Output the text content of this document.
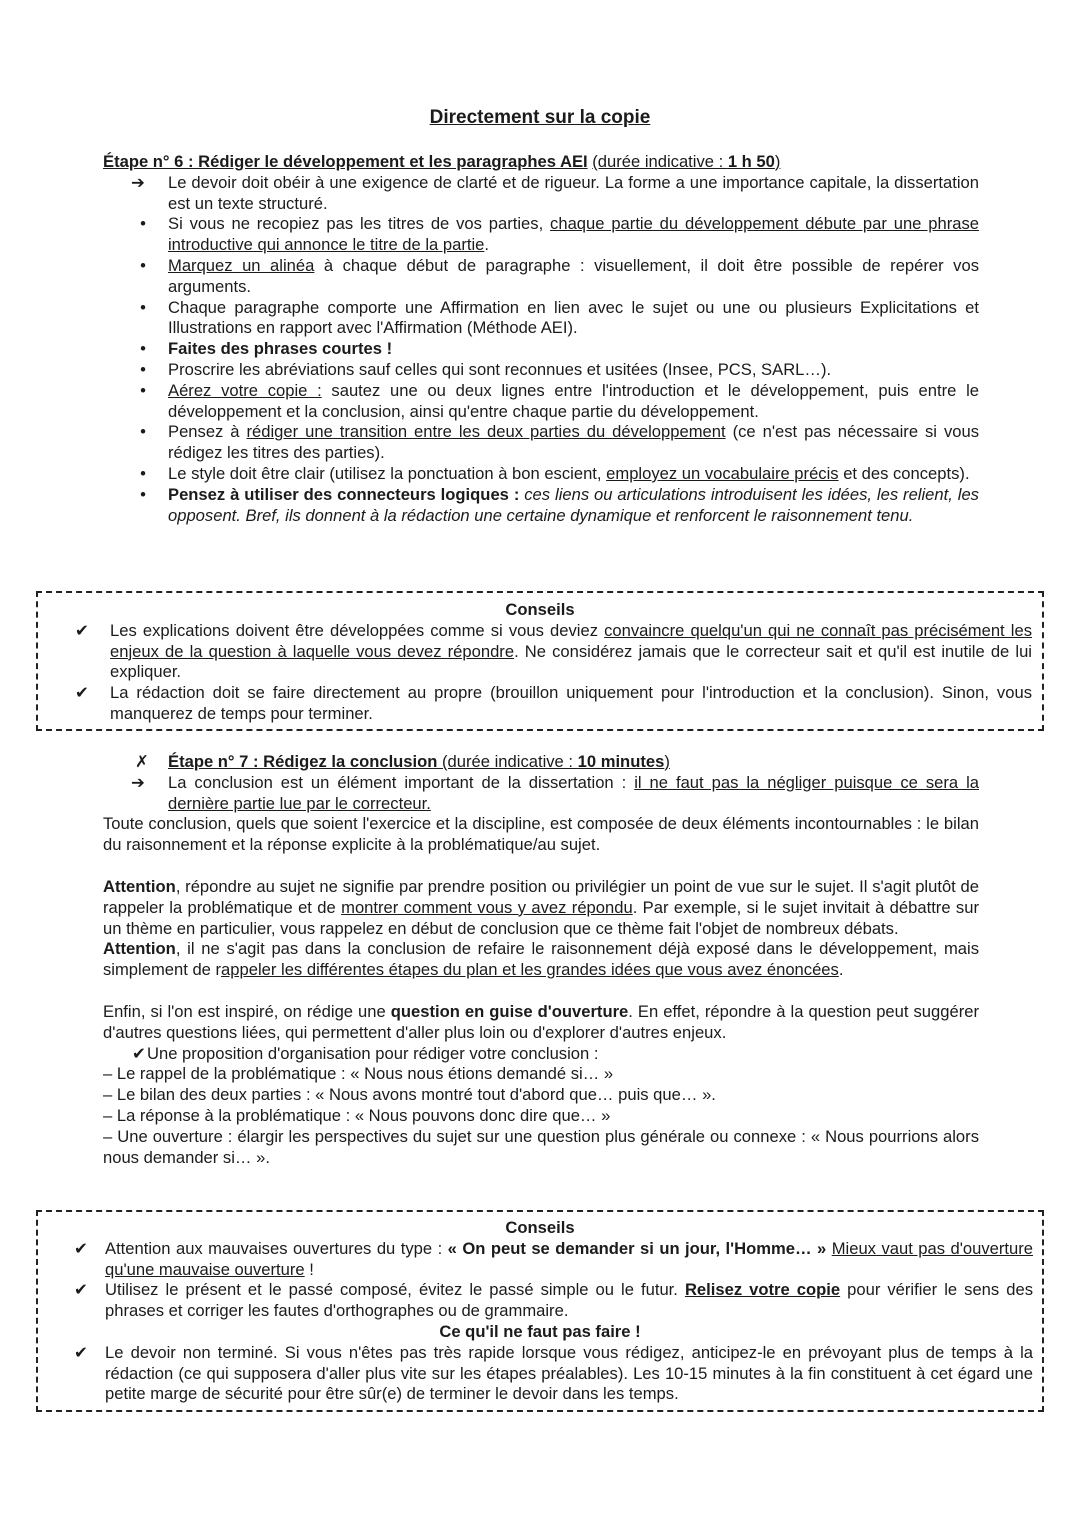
Directement sur la copie
Étape n° 6 : Rédiger le développement et les paragraphes AEI (durée indicative : 1 h 50)
➔ Le devoir doit obéir à une exigence de clarté et de rigueur. La forme a une importance capitale, la dissertation est un texte structuré.
• Si vous ne recopiez pas les titres de vos parties, chaque partie du développement débute par une phrase introductive qui annonce le titre de la partie.
• Marquez un alinéa à chaque début de paragraphe : visuellement, il doit être possible de repérer vos arguments.
• Chaque paragraphe comporte une Affirmation en lien avec le sujet ou une ou plusieurs Explicitations et Illustrations en rapport avec l'Affirmation (Méthode AEI).
• Faites des phrases courtes !
• Proscrire les abréviations sauf celles qui sont reconnues et usitées (Insee, PCS, SARL…).
• Aérez votre copie : sautez une ou deux lignes entre l'introduction et le développement, puis entre le développement et la conclusion, ainsi qu'entre chaque partie du développement.
• Pensez à rédiger une transition entre les deux parties du développement (ce n'est pas nécessaire si vous rédigez les titres des parties).
• Le style doit être clair (utilisez la ponctuation à bon escient, employez un vocabulaire précis et des concepts).
• Pensez à utiliser des connecteurs logiques : ces liens ou articulations introduisent les idées, les relient, les opposent. Bref, ils donnent à la rédaction une certaine dynamique et renforcent le raisonnement tenu.
Conseils
✔ Les explications doivent être développées comme si vous deviez convaincre quelqu'un qui ne connaît pas précisément les enjeux de la question à laquelle vous devez répondre. Ne considérez jamais que le correcteur sait et qu'il est inutile de lui expliquer.
✔ La rédaction doit se faire directement au propre (brouillon uniquement pour l'introduction et la conclusion). Sinon, vous manquerez de temps pour terminer.
✗ Étape n° 7 : Rédigez la conclusion (durée indicative : 10 minutes)
➔ La conclusion est un élément important de la dissertation : il ne faut pas la négliger puisque ce sera la dernière partie lue par le correcteur.
Toute conclusion, quels que soient l'exercice et la discipline, est composée de deux éléments incontournables : le bilan du raisonnement et la réponse explicite à la problématique/au sujet.
Attention, répondre au sujet ne signifie par prendre position ou privilégier un point de vue sur le sujet. Il s'agit plutôt de rappeler la problématique et de montrer comment vous y avez répondu. Par exemple, si le sujet invitait à débattre sur un thème en particulier, vous rappelez en début de conclusion que ce thème fait l'objet de nombreux débats.
Attention, il ne s'agit pas dans la conclusion de refaire le raisonnement déjà exposé dans le développement, mais simplement de rappeler les différentes étapes du plan et les grandes idées que vous avez énoncées.
Enfin, si l'on est inspiré, on rédige une question en guise d'ouverture. En effet, répondre à la question peut suggérer d'autres questions liées, qui permettent d'aller plus loin ou d'explorer d'autres enjeux.
✔ Une proposition d'organisation pour rédiger votre conclusion :
– Le rappel de la problématique : « Nous nous étions demandé si… »
– Le bilan des deux parties : « Nous avons montré tout d'abord que… puis que… ».
– La réponse à la problématique : « Nous pouvons donc dire que… »
– Une ouverture : élargir les perspectives du sujet sur une question plus générale ou connexe : « Nous pourrions alors nous demander si… ».
Conseils
✔ Attention aux mauvaises ouvertures du type : « On peut se demander si un jour, l'Homme… » Mieux vaut pas d'ouverture qu'une mauvaise ouverture !
✔ Utilisez le présent et le passé composé, évitez le passé simple ou le futur. Relisez votre copie pour vérifier le sens des phrases et corriger les fautes d'orthographes ou de grammaire.
Ce qu'il ne faut pas faire !
✔ Le devoir non terminé. Si vous n'êtes pas très rapide lorsque vous rédigez, anticipez-le en prévoyant plus de temps à la rédaction (ce qui supposera d'aller plus vite sur les étapes préalables). Les 10-15 minutes à la fin constituent à cet égard une petite marge de sécurité pour être sûr(e) de terminer le devoir dans les temps.
